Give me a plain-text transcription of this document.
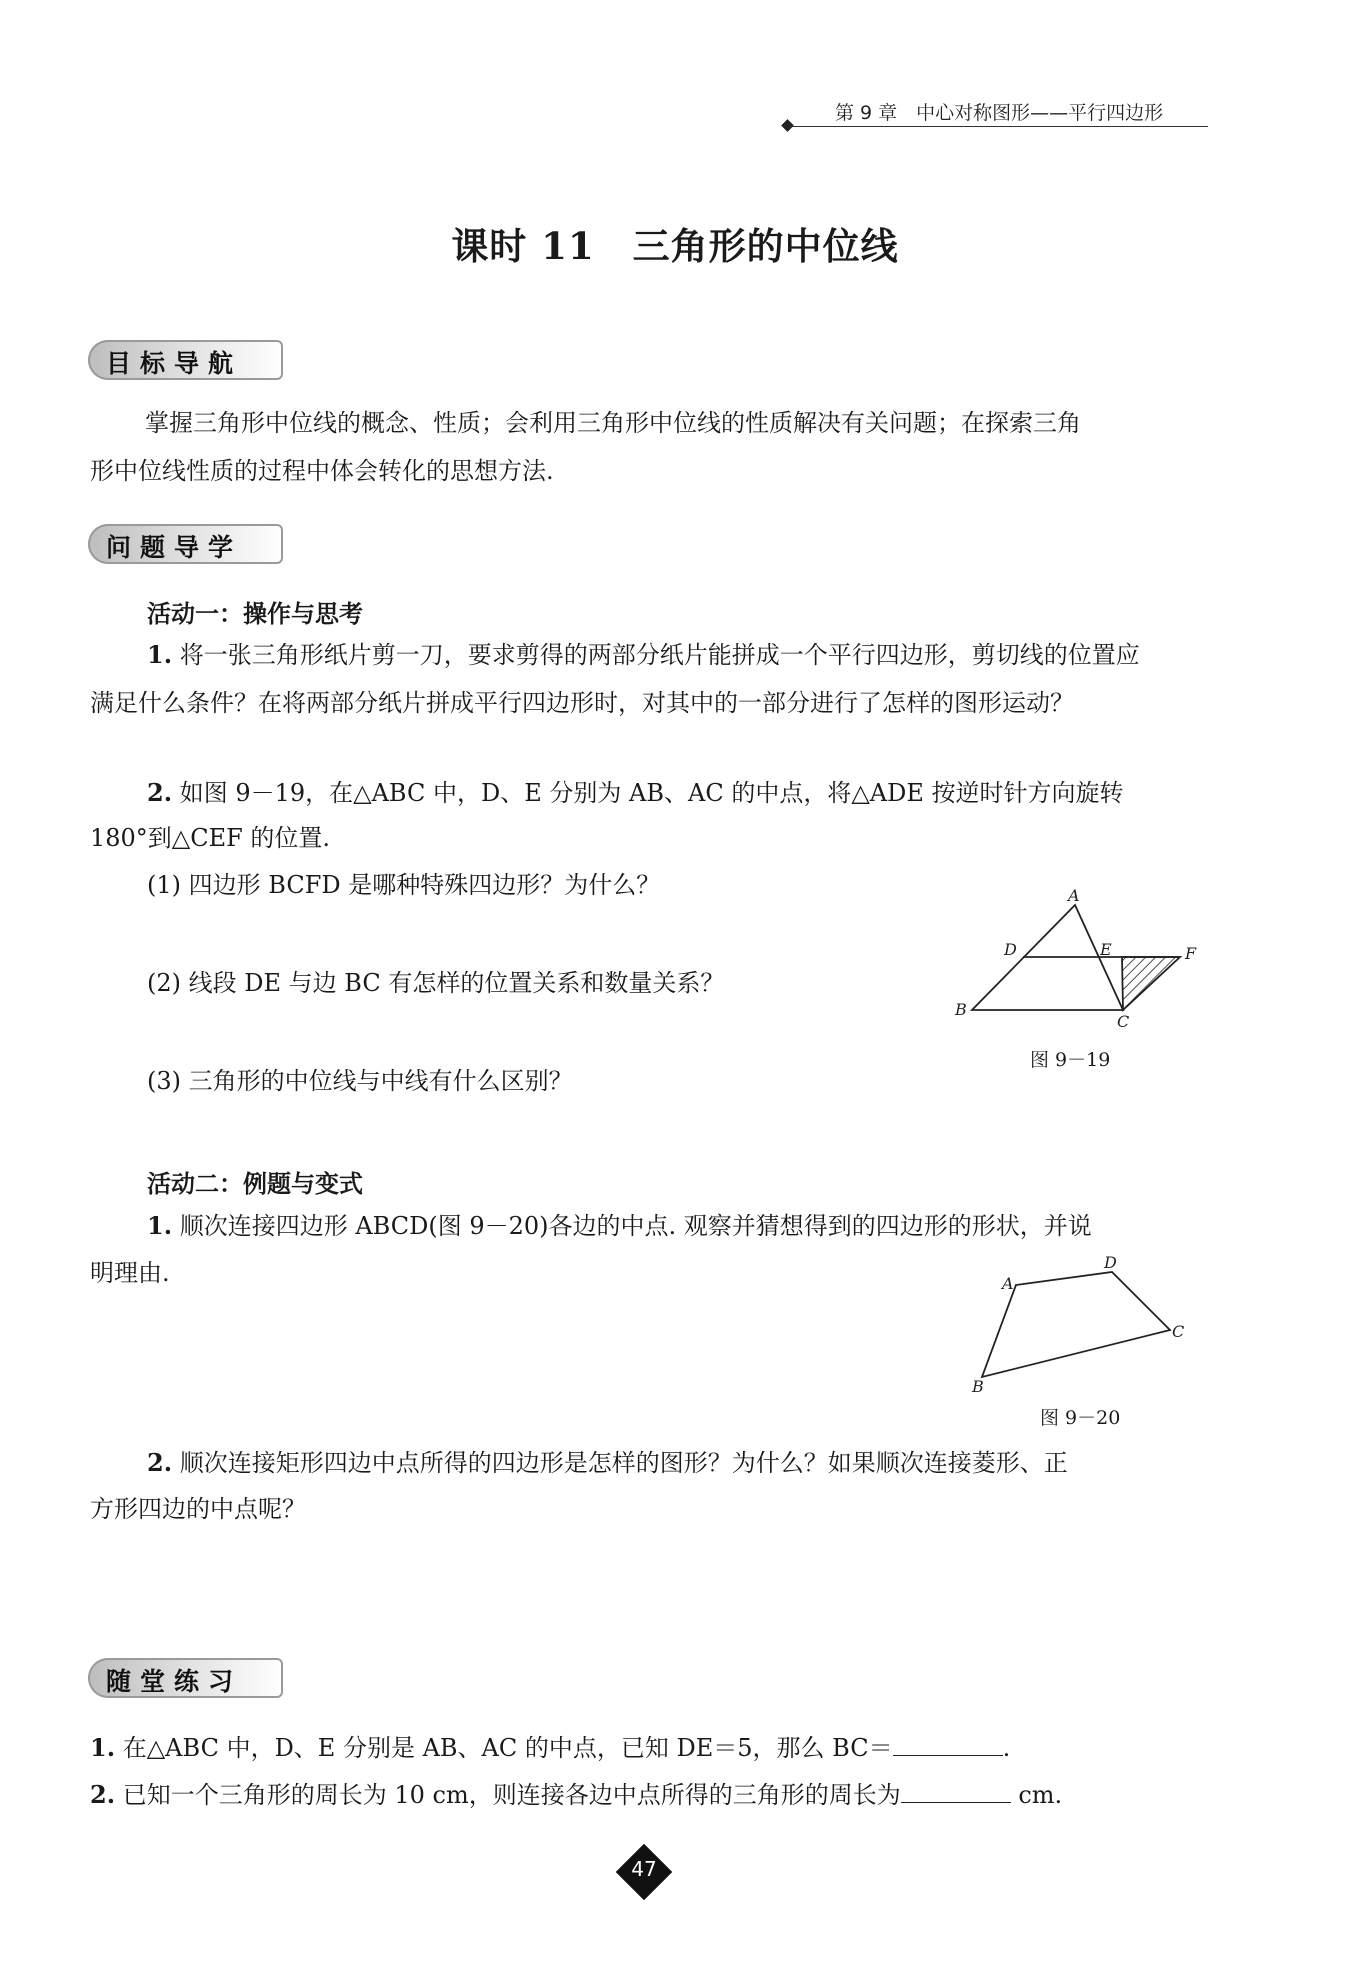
第 9 章　中心对称图形——平行四边形
课时 11　三角形的中位线
目标导航
掌握三角形中位线的概念、性质；会利用三角形中位线的性质解决有关问题；在探索三角
形中位线性质的过程中体会转化的思想方法.
问题导学
活动一：操作与思考
1. 将一张三角形纸片剪一刀，要求剪得的两部分纸片能拼成一个平行四边形，剪切线的位置应
满足什么条件？在将两部分纸片拼成平行四边形时，对其中的一部分进行了怎样的图形运动？
2. 如图 9－19，在△ABC 中，D、E 分别为 AB、AC 的中点，将△ADE 按逆时针方向旋转
180°到△CEF 的位置.
(1) 四边形 BCFD 是哪种特殊四边形？为什么？
(2) 线段 DE 与边 BC 有怎样的位置关系和数量关系？
(3) 三角形的中位线与中线有什么区别？
A
D	E	F
B
C
图 9－19
活动二：例题与变式
1. 顺次连接四边形 ABCD(图 9－20)各边的中点. 观察并猜想得到的四边形的形状，并说
明理由.	A
D
C
B
图 9－20
2. 顺次连接矩形四边中点所得的四边形是怎样的图形？为什么？如果顺次连接菱形、正
方形四边的中点呢？
随堂练习
1. 在△ABC 中，D、E 分别是 AB、AC 的中点，已知 DE＝5，那么 BC＝	.
2. 已知一个三角形的周长为 10 cm，则连接各边中点所得的三角形的周长为	cm.
47
